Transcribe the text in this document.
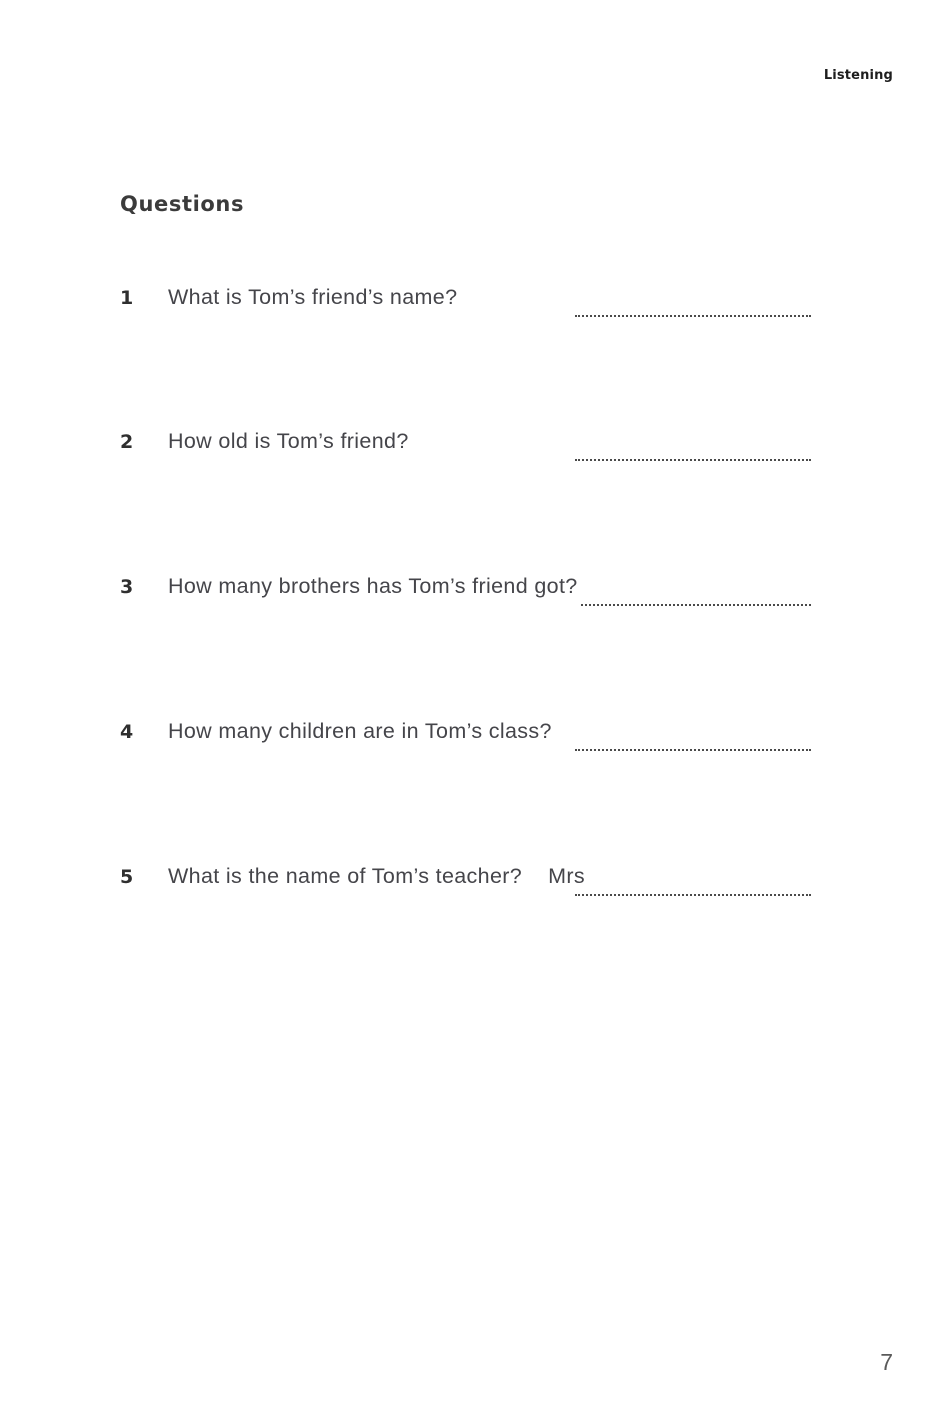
Listening
Questions
1	What is Tom’s friend’s name?
2	How old is Tom’s friend?
3	How many brothers has Tom’s friend got?
4	How many children are in Tom’s class?
5	What is the name of Tom’s teacher? Mrs
7
